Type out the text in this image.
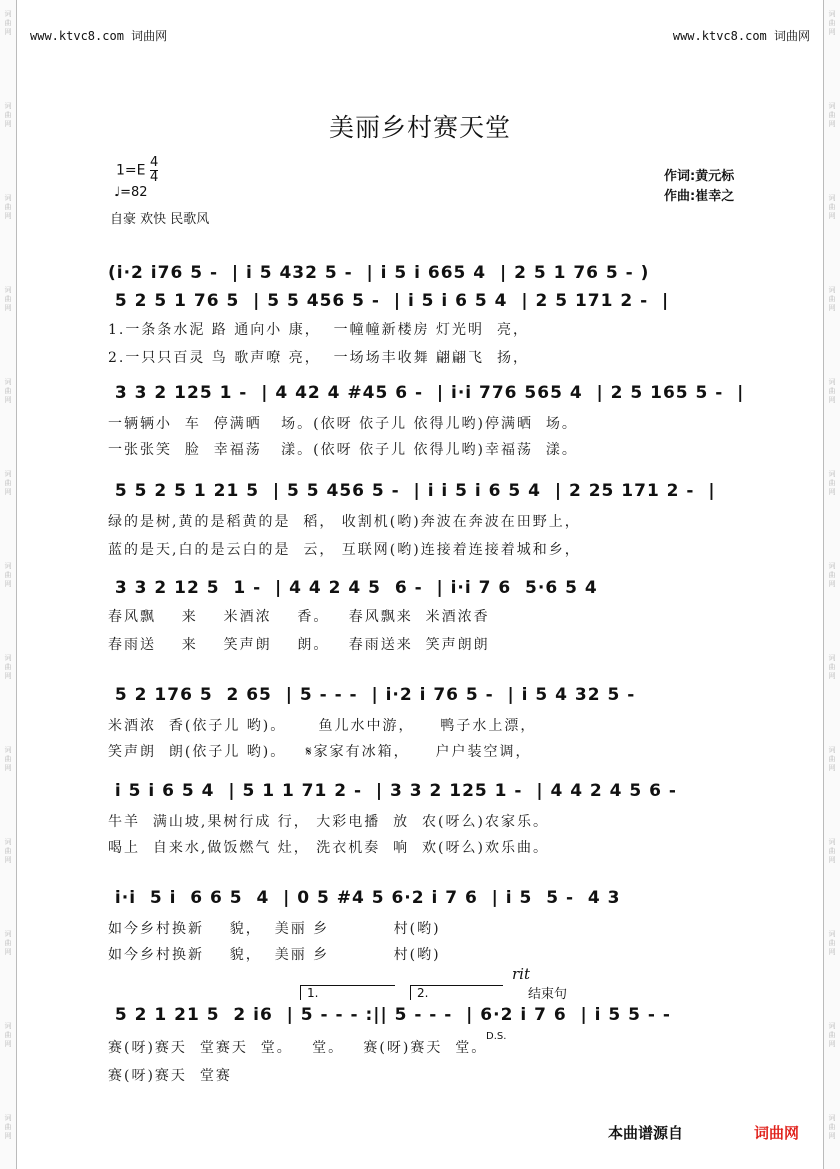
词
曲
网
词
曲
网
词
曲
网
词
曲
网
词
曲
网
词
曲
网
词
曲
网
词
曲
网
词
曲
网
词
曲
网
词
曲
网
词
曲
网
词
曲
网
词
曲
网
词
曲
网
词
曲
网
词
曲
网
词
曲
网
词
曲
网
词
曲
网
词
曲
网
词
曲
网
词
曲
网
词
曲
网
词
曲
网
词
曲
网
www.ktvc8.com 词曲网	www.ktvc8.com 词曲网
美丽乡村赛天堂
$1=E \frac{4}{4}$
♩=82
自豪 欢快 民歌风
作词:黄元标
作曲:崔幸之
(i·2 i76 5 -  | i 5 432 5 -  | i 5 i 665 4  | 2 5 1 76 5 - )
5 2 5 1 76 5  | 5 5 456 5 -  | i 5 i 6 5 4  | 2 5 171 2 -  |
1.一条条水泥 路 通向小 康，  一幢幢新楼房 灯光明  亮，
2.一只只百灵 鸟 歌声嘹 亮，  一场场丰收舞 翩翩飞  扬，
3 3 2 125 1 -  | 4 42 4 #45 6 -  | i·i 776 565 4  | 2 5 165 5 -  |
一辆辆小  车  停满晒   场。(依呀 依子儿 依得儿哟)停满晒  场。
一张张笑  脸  幸福荡   漾。(依呀 依子儿 依得儿哟)幸福荡  漾。
5 5 2 5 1 21 5  | 5 5 456 5 -  | i i 5 i 6 5 4  | 2 25 171 2 -  |
绿的是树,黄的是稻黄的是  稻， 收割机(哟)奔波在奔波在田野上，
蓝的是天,白的是云白的是  云， 互联网(哟)连接着连接着城和乡，
3 3 2 12 5  1 -  | 4 4 2 4 5  6 -  | i·i 7 6  5·6 5 4
春风飘    来    米酒浓    香。   春风飘来  米酒浓香
春雨送    来    笑声朗    朗。   春雨送来  笑声朗朗
5 2 176 5  2 65  | 5 - - -  | i·2 i 76 5 -  | i 5 4 32 5 -
米酒浓  香(依子儿 哟)。     鱼儿水中游，    鸭子水上漂，
笑声朗  朗(依子儿 哟)。   𝄋家家有冰箱，    户户装空调，
i 5 i 6 5 4  | 5 1 1 71 2 -  | 3 3 2 125 1 -  | 4 4 2 4 5 6 -
牛羊  满山坡,果树行成 行， 大彩电播  放  农(呀么)农家乐。
喝上  自来水,做饭燃气 灶， 洗衣机奏  响  欢(呀么)欢乐曲。
i·i  5 i  6 6 5  4  | 0 5 #4 5 6·2 i 7 6  | i 5  5 -  4 3
如今乡村换新    貌，  美丽 乡          村(哟)
如今乡村换新    貌，  美丽 乡          村(哟)
5 2 1 21 5  2 i6  | 5 - - - :|| 5 - - -  | 6·2 i 7 6  | i 5 5 - -
赛(呀)赛天  堂赛天  堂。   堂。   赛(呀)赛天  堂。
赛(呀)赛天  堂赛
rit
结束句
D.S.
1.	2.
本曲谱源自	词曲网
